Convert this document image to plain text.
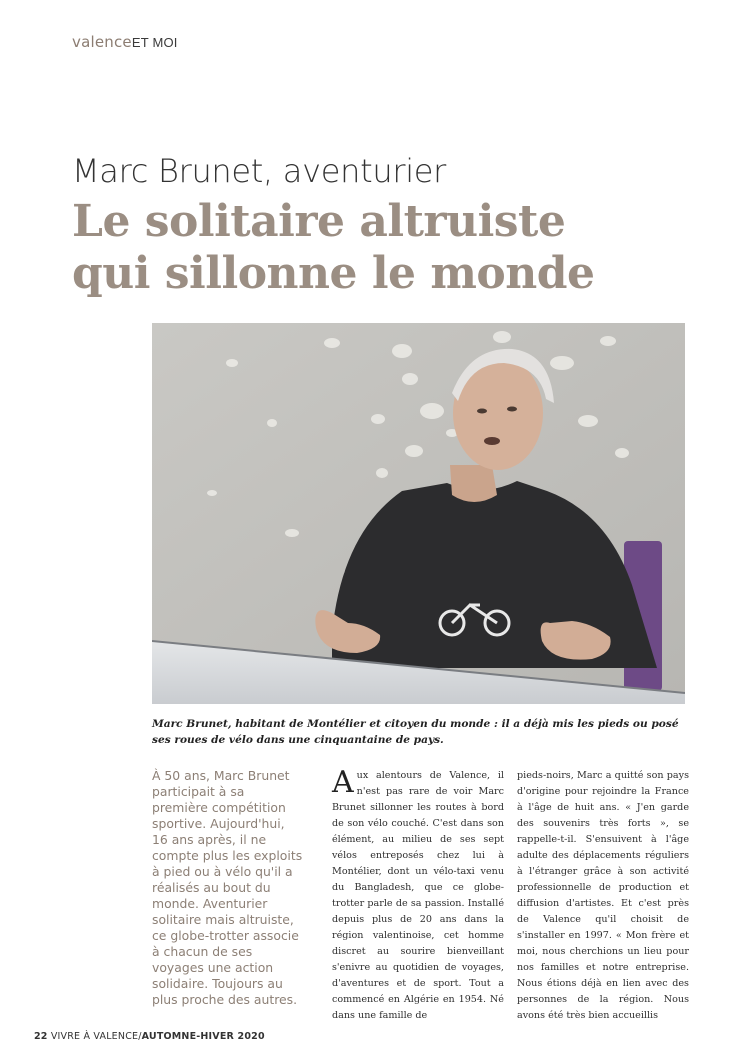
valenceET MOI
Marc Brunet, aventurier
Le solitaire altruiste
qui sillonne le monde
Marc Brunet, habitant de Montélier et citoyen du monde : il a déjà mis les pieds ou posé ses roues de vélo dans une cinquantaine de pays.
À 50 ans, Marc Brunet participait à sa première compétition sportive. Aujourd'hui, 16 ans après, il ne compte plus les exploits à pied ou à vélo qu'il a réalisés au bout du monde. Aventurier solitaire mais altruiste, ce globe-trotter associe à chacun de ses voyages une action solidaire. Toujours au plus proche des autres.
Aux alentours de Valence, il n'est pas rare de voir Marc Brunet sillonner les routes à bord de son vélo couché. C'est dans son élément, au milieu de ses sept vélos entreposés chez lui à Montélier, dont un vélo-taxi venu du Bangladesh, que ce globe-trotter parle de sa passion. Installé depuis plus de 20 ans dans la région valentinoise, cet homme discret au sourire bienveillant s'enivre au quotidien de voyages, d'aventures et de sport. Tout a commencé en Algérie en 1954. Né dans une famille de
pieds-noirs, Marc a quitté son pays d'origine pour rejoindre la France à l'âge de huit ans. « J'en garde des souvenirs très forts », se rappelle-t-il. S'ensuivent à l'âge adulte des déplacements réguliers à l'étranger grâce à son activité professionnelle de production et diffusion d'artistes. Et c'est près de Valence qu'il choisit de s'installer en 1997. « Mon frère et moi, nous cherchions un lieu pour nos familles et notre entreprise. Nous étions déjà en lien avec des personnes de la région. Nous avons été très bien accueillis
22 VIVRE À VALENCE/AUTOMNE-HIVER 2020
